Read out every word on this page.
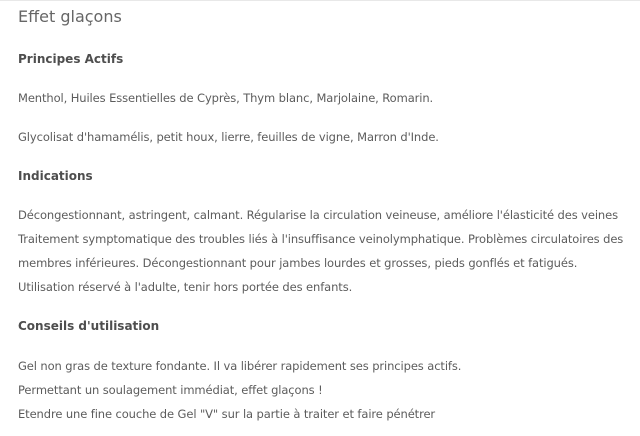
Effet glaçons
Principes Actifs

Menthol, Huiles Essentielles de Cyprès, Thym blanc, Marjolaine, Romarin.

Glycolisat d'hamamélis, petit houx, lierre, feuilles de vigne, Marron d'Inde.

Indications
Décongestionnant, astringent, calmant. Régularise la circulation veineuse, améliore l'élasticité des veines
Traitement symptomatique des troubles liés à l'insuffisance veinolymphatique. Problèmes circulatoires des
membres inférieures. Décongestionnant pour jambes lourdes et grosses, pieds gonflés et fatigués.
Utilisation réservé à l'adulte, tenir hors portée des enfants.
Conseils d'utilisation
Gel non gras de texture fondante. Il va libérer rapidement ses principes actifs.
Permettant un soulagement immédiat, effet glaçons !
Etendre une fine couche de Gel "V" sur la partie à traiter et faire pénétrer
